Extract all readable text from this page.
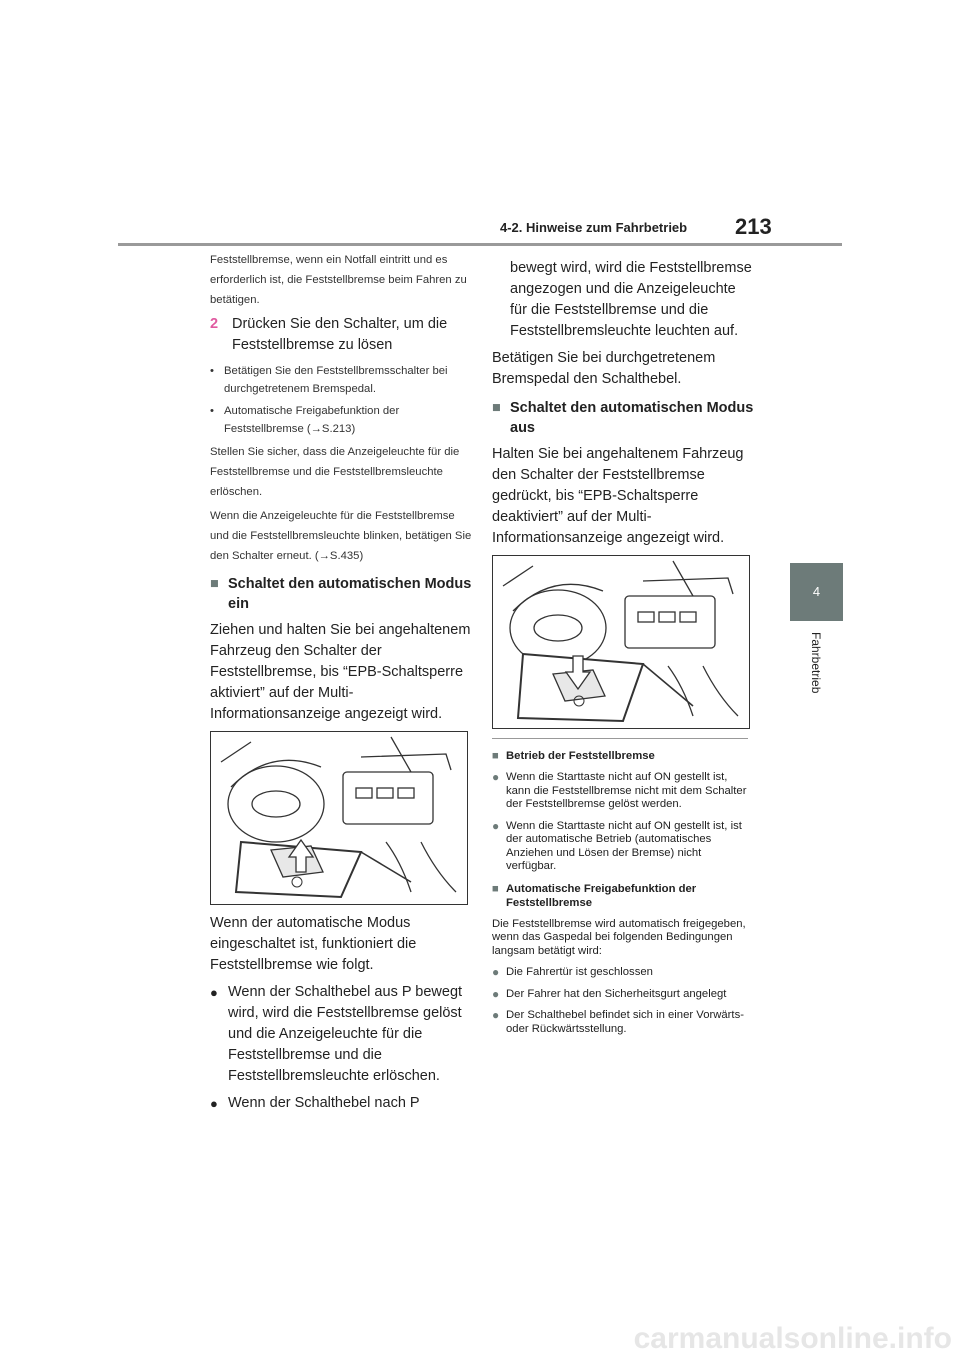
213
4-2. Hinweise zum Fahrbetrieb
4
Fahrbetrieb

Feststellbremse, wenn ein Notfall eintritt und es erforderlich ist, die Feststellbremse beim Fahren zu betätigen.

2 Drücken Sie den Schalter, um die Feststellbremse zu lösen
• Betätigen Sie den Feststellbremsschalter bei durchgetretenem Bremspedal.
• Automatische Freigabefunktion der Feststellbremse (→S.213)

Stellen Sie sicher, dass die Anzeigeleuchte für die Feststellbremse und die Feststellbremsleuchte erlöschen.

Wenn die Anzeigeleuchte für die Feststellbremse und die Feststellbremsleuchte blinken, betätigen Sie den Schalter erneut. (→S.435)

■ Schaltet den automatischen Modus ein

Ziehen und halten Sie bei angehaltenem Fahrzeug den Schalter der Feststellbremse, bis “EPB-Schaltsperre aktiviert” auf der Multi-Informationsanzeige angezeigt wird.

Wenn der automatische Modus eingeschaltet ist, funktioniert die Feststellbremse wie folgt.

● Wenn der Schalthebel aus P bewegt wird, wird die Feststellbremse gelöst und die Anzeigeleuchte für die Feststellbremse und die Feststellbremsleuchte erlöschen.
● Wenn der Schalthebel nach P

bewegt wird, wird die Feststellbremse angezogen und die Anzeigeleuchte für die Feststellbremse und die Feststellbremsleuchte leuchten auf.

Betätigen Sie bei durchgetretenem Bremspedal den Schalthebel.

■ Schaltet den automatischen Modus aus

Halten Sie bei angehaltenem Fahrzeug den Schalter der Feststellbremse gedrückt, bis “EPB-Schaltsperre deaktiviert” auf der Multi-Informationsanzeige angezeigt wird.

■ Betrieb der Feststellbremse
● Wenn die Starttaste nicht auf ON gestellt ist, kann die Feststellbremse nicht mit dem Schalter der Feststellbremse gelöst werden.
● Wenn die Starttaste nicht auf ON gestellt ist, ist der automatische Betrieb (automatisches Anziehen und Lösen der Bremse) nicht verfügbar.
■ Automatische Freigabefunktion der Feststellbremse

Die Feststellbremse wird automatisch freigegeben, wenn das Gaspedal bei folgenden Bedingungen langsam betätigt wird:

● Die Fahrertür ist geschlossen
● Der Fahrer hat den Sicherheitsgurt angelegt
● Der Schalthebel befindet sich in einer Vorwärts- oder Rückwärtsstellung.
carmanualsonline.info
